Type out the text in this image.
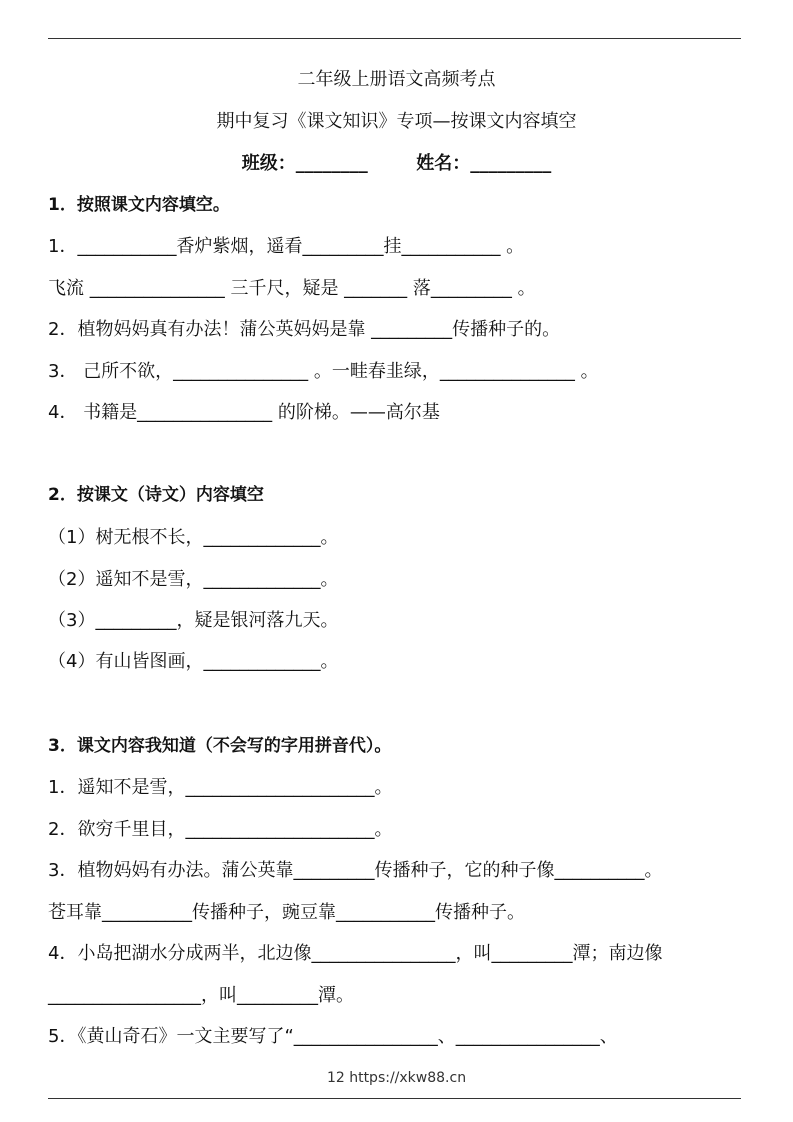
二年级上册语文高频考点
期中复习《课文知识》专项—按课文内容填空
班级：________	姓名：_________
1．按照课文内容填空。
1．___________香炉紫烟，遥看_________挂___________ 。
飞流 _______________ 三千尺，疑是 _______ 落_________ 。
2．植物妈妈真有办法！蒲公英妈妈是靠 _________传播种子的。
3． 己所不欲，_______________ 。一畦春韭绿，_______________ 。
4． 书籍是_______________ 的阶梯。——高尔基
2．按课文（诗文）内容填空
（1）树无根不长，_____________。
（2）遥知不是雪，_____________。
（3）_________，疑是银河落九天。
（4）有山皆图画，_____________。
3．课文内容我知道（不会写的字用拼音代）。
1．遥知不是雪，_____________________。
2．欲穷千里目，_____________________。
3．植物妈妈有办法。蒲公英靠_________传播种子，它的种子像__________。
苍耳靠__________传播种子，豌豆靠___________传播种子。
4．小岛把湖水分成两半，北边像________________，叫_________潭；南边像
_________________，叫_________潭。
5．《黄山奇石》一文主要写了“________________、________________、
12 https://xkw88.cn
